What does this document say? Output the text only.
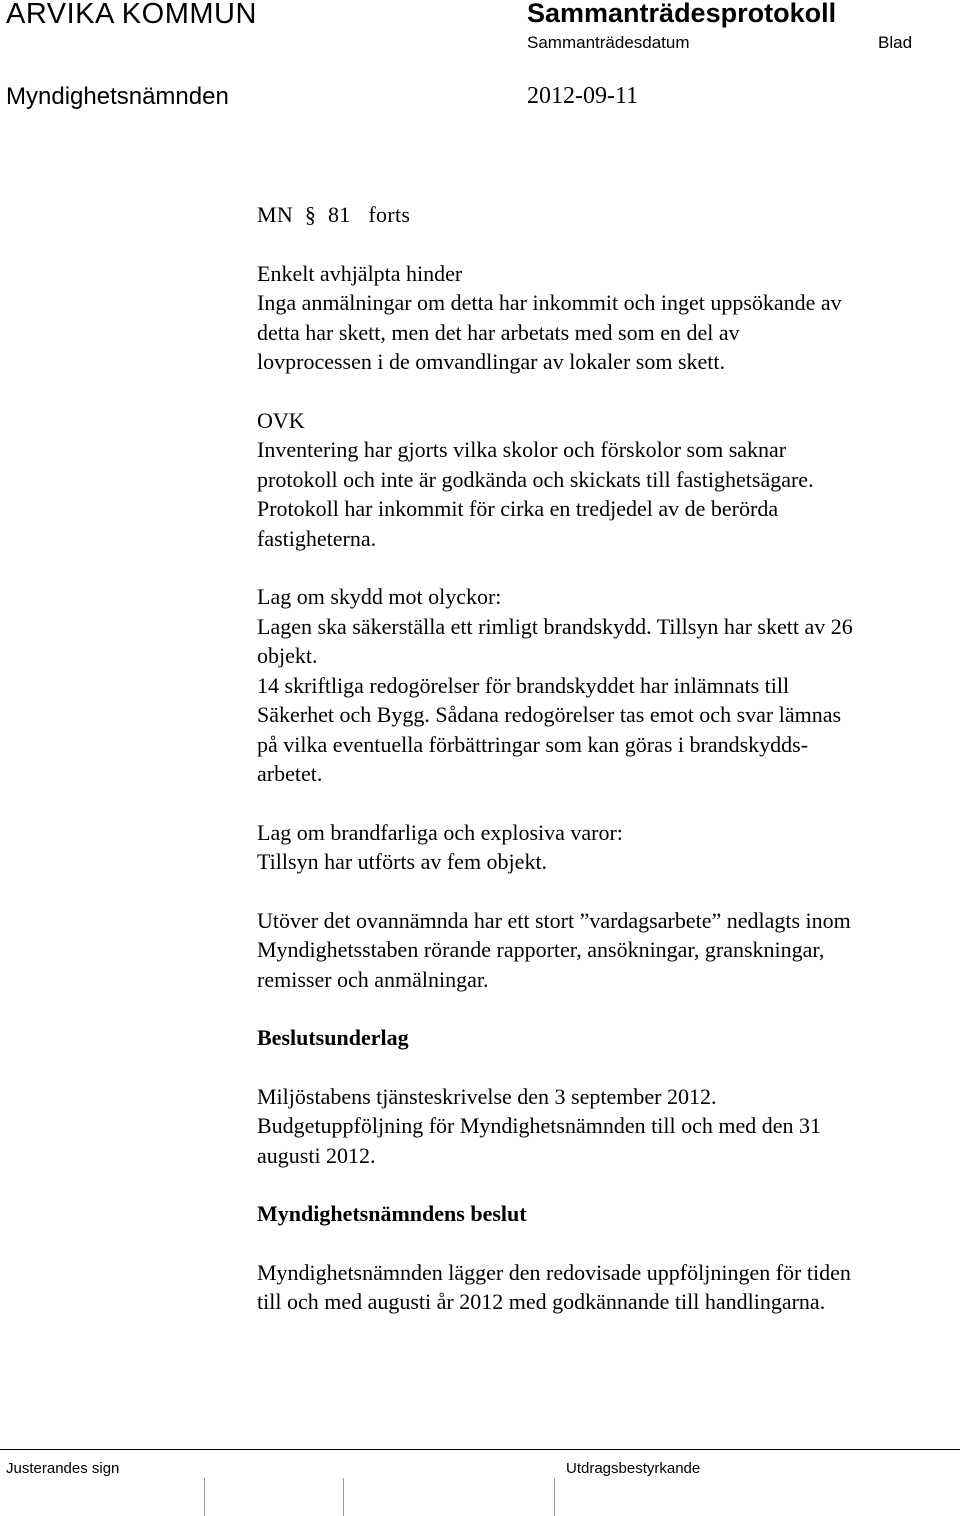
ARVIKA KOMMUN	Sammanträdesprotokoll
Sammanträdesdatum	Blad
Myndighetsnämnden	2012-09-11

MN § 81 forts

Enkelt avhjälpta hinder

Inga anmälningar om detta har inkommit och inget uppsökande av

detta har skett, men det har arbetats med som en del av

lovprocessen i de omvandlingar av lokaler som skett.

OVK

Inventering har gjorts vilka skolor och förskolor som saknar

protokoll och inte är godkända och skickats till fastighetsägare.

Protokoll har inkommit för cirka en tredjedel av de berörda

fastigheterna.

Lag om skydd mot olyckor:

Lagen ska säkerställa ett rimligt brandskydd. Tillsyn har skett av 26

objekt.

14 skriftliga redogörelser för brandskyddet har inlämnats till

Säkerhet och Bygg. Sådana redogörelser tas emot och svar lämnas

på vilka eventuella förbättringar som kan göras i brandskydds-

arbetet.

Lag om brandfarliga och explosiva varor:

Tillsyn har utförts av fem objekt.

Utöver det ovannämnda har ett stort ”vardagsarbete” nedlagts inom

Myndighetsstaben rörande rapporter, ansökningar, granskningar,

remisser och anmälningar.

Beslutsunderlag

Miljöstabens tjänsteskrivelse den 3 september 2012.

Budgetuppföljning för Myndighetsnämnden till och med den 31

augusti 2012.

Myndighetsnämndens beslut

Myndighetsnämnden lägger den redovisade uppföljningen för tiden

till och med augusti år 2012 med godkännande till handlingarna.

Justerandes sign	Utdragsbestyrkande
